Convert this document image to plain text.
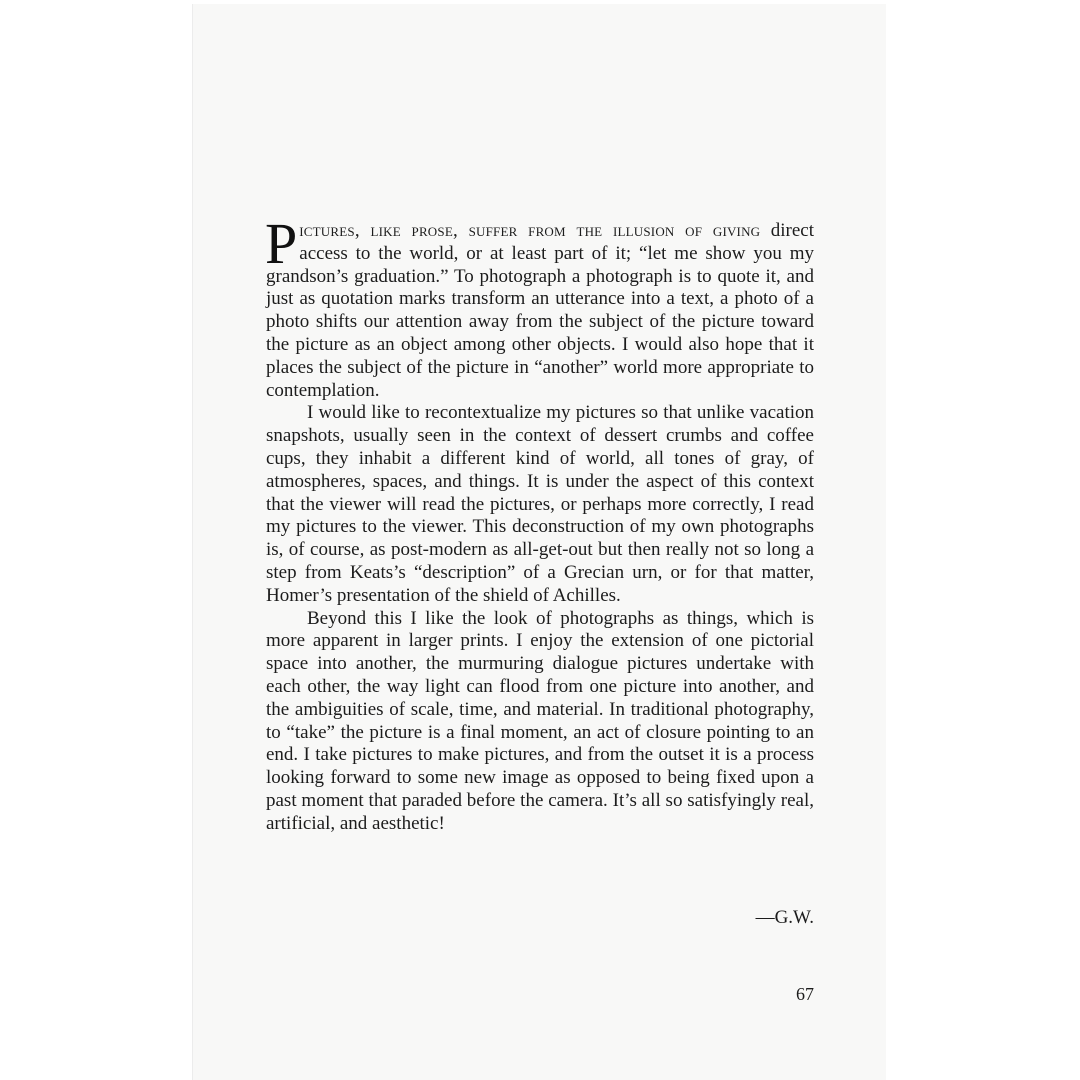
Pictures, like prose, suffer from the illusion of giving direct access to the world, or at least part of it; “let me show you my grandson’s graduation.” To photograph a photograph is to quote it, and just as quotation marks transform an utterance into a text, a photo of a photo shifts our attention away from the subject of the picture toward the picture as an object among other objects. I would also hope that it places the subject of the picture in “another” world more appropriate to contemplation.

I would like to recontextualize my pictures so that unlike vacation snapshots, usually seen in the context of dessert crumbs and coffee cups, they inhabit a different kind of world, all tones of gray, of atmospheres, spaces, and things. It is under the aspect of this context that the viewer will read the pictures, or perhaps more correctly, I read my pictures to the viewer. This deconstruction of my own photographs is, of course, as post-modern as all-get-out but then really not so long a step from Keats’s “description” of a Grecian urn, or for that matter, Homer’s presentation of the shield of Achilles.

Beyond this I like the look of photographs as things, which is more apparent in larger prints. I enjoy the extension of one pictorial space into another, the murmuring dialogue pictures undertake with each other, the way light can flood from one picture into another, and the ambiguities of scale, time, and material. In traditional photography, to “take” the picture is a final moment, an act of closure pointing to an end. I take pictures to make pictures, and from the outset it is a process looking forward to some new image as opposed to being fixed upon a past moment that paraded before the camera. It’s all so satisfyingly real, artificial, and aesthetic!

—G.W.
67
